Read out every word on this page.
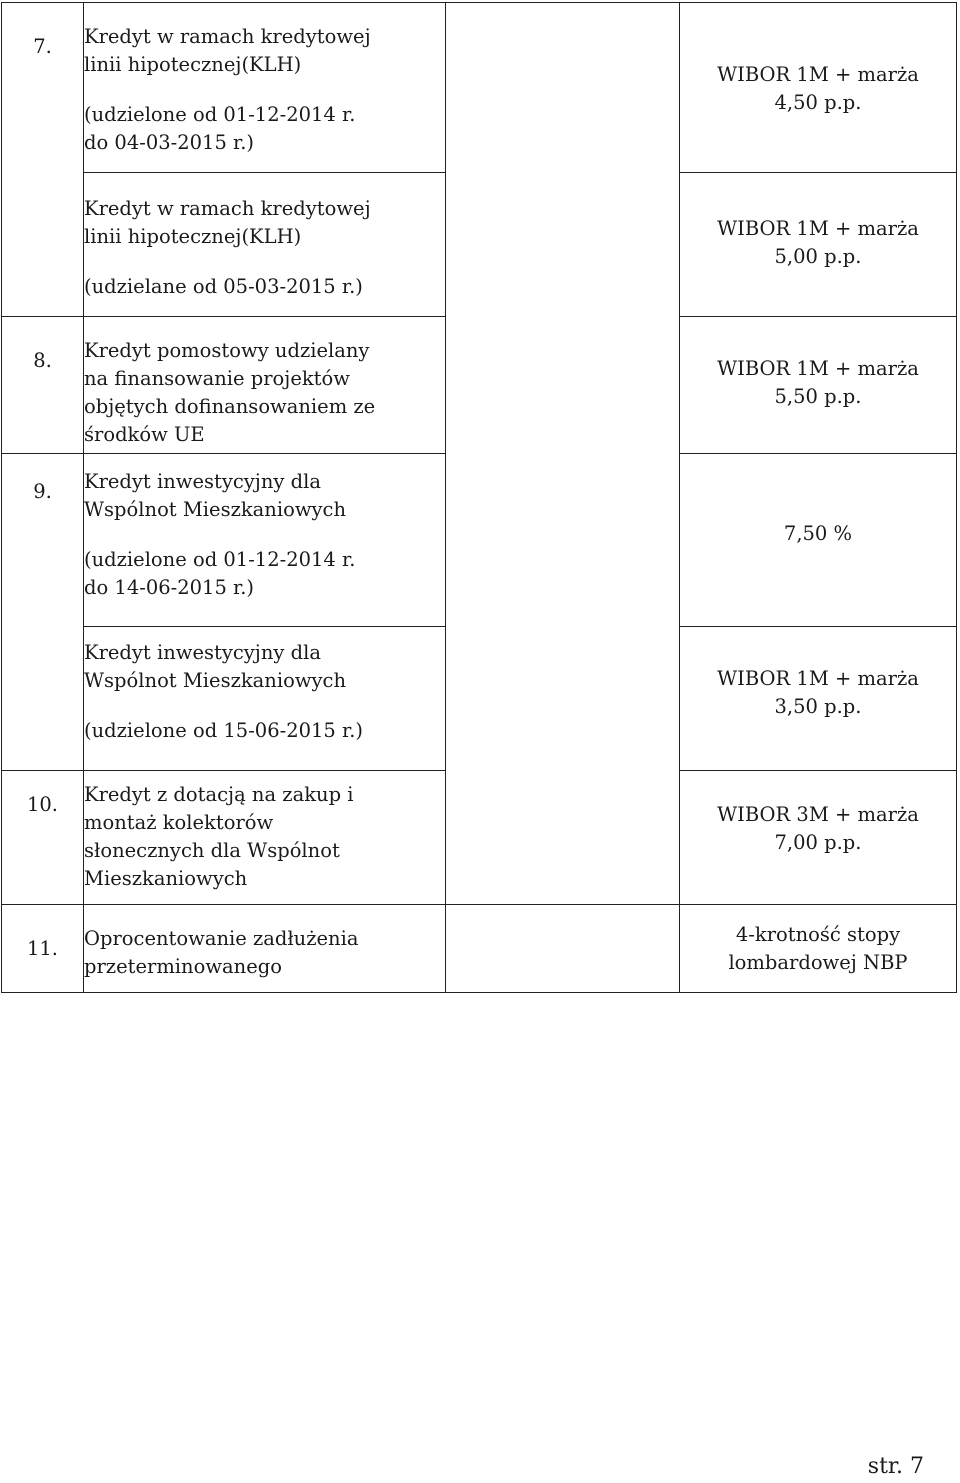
7.	Kredyt w ramach kredytowej
linii hipotecznej(KLH)
(udzielone od 01-12-2014 r.
do 04-03-2015 r.)		WIBOR 1M + marża
4,50 p.p.

	Kredyt w ramach kredytowej
linii hipotecznej(KLH)
(udzielane od 05-03-2015 r.)		WIBOR 1M + marża
5,00 p.p.

8.	Kredyt pomostowy udzielany
na finansowanie projektów
objętych dofinansowaniem ze
środków UE		WIBOR 1M + marża
5,50 p.p.

9.	Kredyt inwestycyjny dla
Wspólnot Mieszkaniowych
(udzielone od 01-12-2014 r.
do 14-06-2015 r.)		7,50 %

	Kredyt inwestycyjny dla
Wspólnot Mieszkaniowych
(udzielone od 15-06-2015 r.)		WIBOR 1M + marża
3,50 p.p.

10.	Kredyt z dotacją na zakup i
montaż kolektorów
słonecznych dla Wspólnot
Mieszkaniowych		WIBOR 3M + marża
7,00 p.p.

11.	Oprocentowanie zadłużenia
przeterminowanego		4-krotność stopy
lombardowej NBP
str. 7
